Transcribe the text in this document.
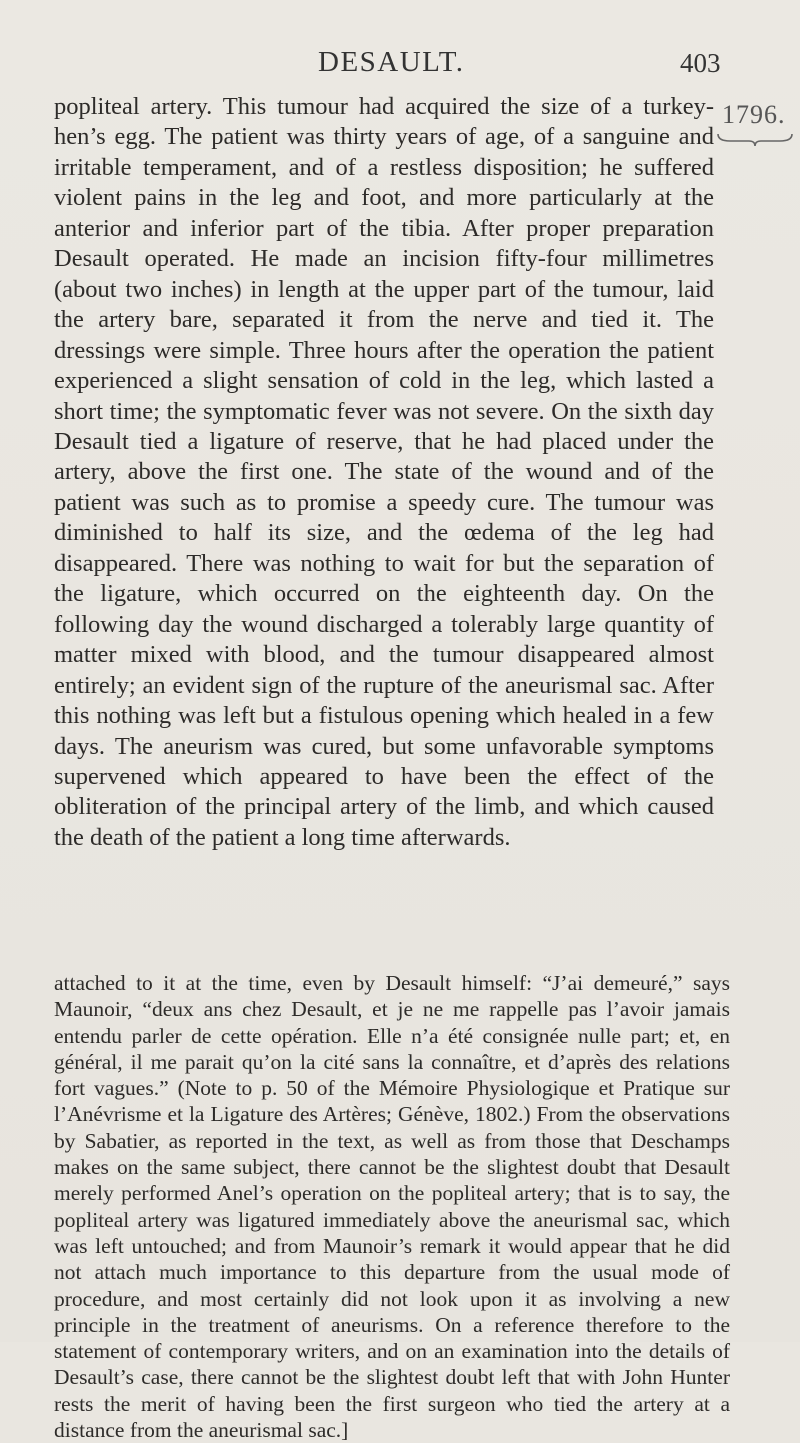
DESAULT.	403
1796.

popliteal artery. This tumour had acquired the size of a turkey-hen’s egg. The patient was thirty years of age, of a sanguine and irritable temperament, and of a restless disposition; he suffered violent pains in the leg and foot, and more particularly at the anterior and inferior part of the tibia. After proper preparation Desault operated. He made an incision fifty-four millimetres (about two inches) in length at the upper part of the tumour, laid the artery bare, separated it from the nerve and tied it. The dressings were simple. Three hours after the operation the patient experienced a slight sensation of cold in the leg, which lasted a short time; the symptomatic fever was not severe. On the sixth day Desault tied a ligature of reserve, that he had placed under the artery, above the first one. The state of the wound and of the patient was such as to promise a speedy cure. The tumour was diminished to half its size, and the œdema of the leg had disappeared. There was nothing to wait for but the separation of the ligature, which occurred on the eighteenth day. On the following day the wound discharged a tolerably large quantity of matter mixed with blood, and the tumour disappeared almost entirely; an evident sign of the rupture of the aneurismal sac. After this nothing was left but a fistulous opening which healed in a few days. The aneurism was cured, but some unfavorable symptoms supervened which appeared to have been the effect of the obliteration of the principal artery of the limb, and which caused the death of the patient a long time afterwards.

attached to it at the time, even by Desault himself: “J’ai demeuré,” says Maunoir, “deux ans chez Desault, et je ne me rappelle pas l’avoir jamais entendu parler de cette opération. Elle n’a été consignée nulle part; et, en général, il me parait qu’on la cité sans la connaître, et d’après des relations fort vagues.” (Note to p. 50 of the Mémoire Physiologique et Pratique sur l’Anévrisme et la Ligature des Artères; Génève, 1802.) From the observations by Sabatier, as reported in the text, as well as from those that Deschamps makes on the same subject, there cannot be the slightest doubt that Desault merely performed Anel’s operation on the popliteal artery; that is to say, the popliteal artery was ligatured immediately above the aneurismal sac, which was left untouched; and from Maunoir’s remark it would appear that he did not attach much importance to this departure from the usual mode of procedure, and most certainly did not look upon it as involving a new principle in the treatment of aneurisms. On a reference therefore to the statement of contemporary writers, and on an examination into the details of Desault’s case, there cannot be the slightest doubt left that with John Hunter rests the merit of having been the first surgeon who tied the artery at a distance from the aneurismal sac.]
